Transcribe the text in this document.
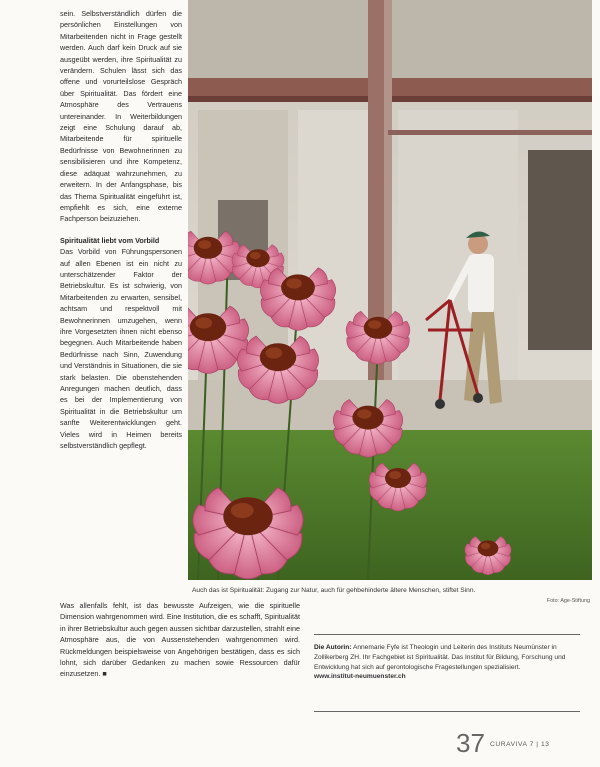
sein. Selbstverständlich dürfen die persönlichen Einstellungen von Mitarbeitenden nicht in Frage gestellt werden. Auch darf kein Druck auf sie ausgeübt werden, ihre Spiritualität zu verändern. Schulen lässt sich das offene und vorurteilslose Gespräch über Spiritualität. Das fördert eine Atmosphäre des Vertrauens untereinander. In Weiterbildungen zeigt eine Schulung darauf ab, Mitarbeitende für spirituelle Bedürfnisse von Bewohnerinnen zu sensibilisieren und ihre Kompetenz, diese adäquat wahrzunehmen, zu erweitern. In der Anfangsphase, bis das Thema Spiritualität eingeführt ist, empfiehlt es sich, eine externe Fachperson beizuziehen.

Spiritualität liebt vom Vorbild

Das Vorbild von Führungspersonen auf allen Ebenen ist ein nicht zu unterschätzender Faktor der Betriebskultur. Es ist schwierig, von Mitarbeitenden zu erwarten, sensibel, achtsam und respektvoll mit Bewohnerinnen umzugehen, wenn ihre Vorgesetzten ihnen nicht ebenso begegnen. Auch Mitarbeitende haben Bedürfnisse nach Sinn, Zuwendung und Verständnis in Situationen, die sie stark belasten. Die obenstehenden Anregungen machen deutlich, dass es bei der Implementierung von Spiritualität in die Betriebskultur um sanfte Weiterentwicklungen geht. Vieles wird in Heimen bereits selbstverständlich gepflegt.

Auch das ist Spiritualität: Zugang zur Natur, auch für gehbehinderte ältere Menschen, stiftet Sinn.
Foto: Age-Stiftung

Was allenfalls fehlt, ist das bewusste Aufzeigen, wie die spirituelle Dimension wahrgenommen wird. Eine Institution, die es schafft, Spiritualität in ihrer Betriebskultur auch gegen aussen sichtbar darzustellen, strahlt eine Atmosphäre aus, die von Aussenstehenden wahrgenommen wird. Rückmeldungen beispielsweise von Angehörigen bestätigen, dass es sich lohnt, sich darüber Gedanken zu machen sowie Ressourcen dafür einzusetzen. ■

Die Autorin: Annemarie Fyfe ist Theologin und Leiterin des Instituts Neumünster in Zollikerberg ZH. Ihr Fachgebiet ist Spiritualität. Das Institut für Bildung, Forschung und Entwicklung hat sich auf gerontologische Fragestellungen spezialisiert.
www.institut-neumuenster.ch
37 CURAVIVA 7 | 13
